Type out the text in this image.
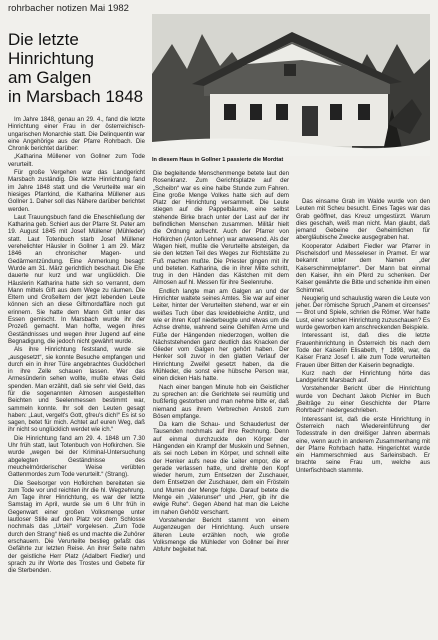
rohrbacher notizen Mai 1982
Die letzte
Hinrichtung
am Galgen
in Marsbach 1848
In diesem Haus in Gollner 1 passierte die Mordtat

Im Jahre 1848, genau an 29. 4., fand die letzte Hinrichtung einer Frau in der österreichisch-ungarischen Monarchie statt. Die Delinquentin war eine Angehörige aus der Pfarre Rohrbach. Die Chronik berichtet darüber:

„Katharina Müllener von Gollner zum Tode verurteilt.

Für große Vergehen war das Landgericht Marsbach zuständig. Die letzte Hinrichtung fand im Jahre 1848 statt und die Verurteilte war ein hiesiges Pfarrkind, die Katharina Müllener aus Gollner 1. Daher soll das Nähere darüber berichtet werden.

Laut Trauungsbuch fand die Eheschließung der Katharina geb. Schierl aus der Pfarre St. Peter am 19. August 1845 mit Josef Müllener (Mühleder) statt. Laut Totenbuch starb Josef Müllener verehelichter Häusler in Gollner 1 am 29. März 1846 an chronischer Magen- und Gedärmentzündung. Eine Anmerkung besagt: Wurde am 31. März gerichtlich beschaut. Die Ehe dauerte nur kurz und war unglücklich. Die Häuslerin Katharina hatte sich so verrannt, dem Mann mittels Gift aus dem Wege zu räumen. Die Eltern und Großeltern der jetzt lebenden Leute können sich an diese Giftmordaffäre noch gut erinnern. Sie hatte dem Mann Gift unter das Essen gemischt. In Marsbach wurde ihr der Prozeß gemacht. Man hoffte, wegen ihres Geständnisses und wegen ihrer Jugend auf eine Begnadigung, die jedoch nicht gewährt wurde.

Als ihre Hinrichtung feststand, wurde sie „ausgesetzt“, sie konnte Besuche empfangen und durch ein in ihrer Türe angebrachtes Gucklöcherl in ihre Zelle schauen lassen. Wer das Armesünderin sehen wollte, mußte etwas Geld spenden. Man erzählt, daß sie sehr viel Geld, das für die sogenannten Almosen ausgestellten Beichten und Seelenmessen bestimmt war, sammeln konnte. Ihr soll den Leuten gesagt haben: „Laut, vergelt's Gott, gfreu's dich!“ Es ist so sagen, betet für mich. Achtet auf euren Weg, daß ihr nicht so unglücklich werdet wie ich.“

Die Hinrichtung fand am 29. 4. 1848 um 7.30 Uhr früh statt, laut Totenbuch von Hofkirchen. Sie wurde „wegen bei der Kriminal-Untersuchung abgelegten Geständnisse des meuchelmörderischer Weise verübten Gattenmordes zum Tode verurteilt.“ (Strang).

Die Seelsorger von Hofkirchen bereiteten sie zum Tode vor und reichten ihr die hl. Wegzehrung. Am Tage ihrer Hinrichtung, es war der letzte Samstag im April, wurde sie um 6 Uhr früh in Gegenwart einer großen Volksmenge unter lautloser Stille auf den Platz vor dem Schlosse nochmals das „Urteil“ vorgelesen. „Zum Tode durch den Strang“ hieß es und machte die Zuhörer erschauern. Die Verurteilte bestieg gefaßt das Gefährte zur letzten Reise. An ihrer Seite nahm der geistliche Herr Platz (Adalbert Fiedler) und sprach zu ihr Worte des Trostes und Gebete für die Sterbenden.

Die begleitende Menschenmenge betete laut den Rosenkranz. Zum Gerichtsplatze auf der „Scheibn“ war es eine halbe Stunde zum Fahren. Eine große Menge Volkes hatte sich auf dem Platz der Hinrichtung versammelt. Die Leute stiegen auf die Pappelbäume, eine selbst stehende Birke brach unter der Last auf der ihr befindlichen Menschen zusammen. Militär hielt die Ordnung aufrecht. Auch der Pfarrer von Hofkirchen (Anton Lehner) war anwesend. Als der Wagen hielt, mußte die Verurteilte absteigen, da sie den letzten Teil des Weges zur Richtstätte zu Fuß machen mußte. Die Priester gingen mit ihr und beteten. Katharina, die in ihrer Mitte schritt, trug in den Händen das Kästchen mit dem Almosen auf hl. Messen für ihre Seelenruhe.

Endlich langte man am Galgen an und der Hinrichter waltete seines Amtes. Sie war auf einer Leiter, hinter der Verurteilten stehend, war er ein weißes Tuch über das kreidebleiche Antlitz, und wie er ihren Kopf niederbeugte und etwas um die Achse drehte, wahrend seine Gehilfen Arme und Füße der Hängenden niederzogen, wollten die Nächststehenden ganz deutlich das Knacken der Glieder vom Galgen her gehört haben. Der Henker soll zuvor in den glatten Verlauf der Hinrichtung Zweifel gesetzt haben, da die Mühleder, die sonst eine hübsche Person war, einen dicken Hals hatte.

Nach einer bangen Minute hob ein Geistlicher zu sprechen an: die Gerichtete sei reumütig und bußfertig gestorben und man nehme bitte er, daß niemand aus ihrem Verbrechen Anstoß zum Bösen empfange.

Da kam die Schau- und Schauderlust der Tausenden nochmals auf ihre Rechnung. Denn auf einmal durchzuckte den Körper der Hängenden ein Krampf der Muskeln und Sehnen, als sei noch Leben im Körper, und schnell eilte der Henker aufs neue die Leiter empor, die er gerade verlassen hatte, und drehte den Kopf wieder herum, zum Entsetzen der Zuschauer, dem Entsetzen der Zuschauer, dem ein Frösteln und Murren der Menge folgte. Darauf betete die Menge ein „Vaterunser“ und „Herr, gib ihr die ewige Ruhe“. Gegen Abend hat man die Leiche im nahen Gehölz verscharrt.

Vorstehender Bericht stammt von einem Augenzeugen der Hinrichtung. Auch unsere älteren Leute erzählen noch, wie große Volksmenge die Mühleder von Gollner bei ihrer Abfuhr begleitet hat.

Das einsame Grab im Walde wurde von den Leuten mit Scheu besucht. Eines Tages war das Grab geöffnet, das Kreuz umgestürzt. Warum dies geschah, weiß man nicht. Man glaubt, daß jemand Gebeine der Geheimlichen für abergläubische Zwecke ausgegraben hat.

Kooperator Adalbert Fiedler war Pfarrer in Pischelsdorf und Messeleser in Pramet. Er war bekannt unter dem Namen „der Kaiserschimmelpfarrer“. Der Mann bat einmal den Kaiser, ihn ein Pferd zu schenken. Der Kaiser gewährte die Bitte und schenkte ihm einen Schimmel.

Neugierig und schaulustig waren die Leute von jeher. Der römische Spruch „Panem et circenses“ — Brot und Spiele, schrien die Römer. Wer hatte Lust, einer solchen Hinrichtung zuzuschauen? Es wurde geworben kam anschreckenden Beispiele.

Interessant ist, daß dies die letzte Frauenhinrichtung in Österreich bis nach dem Tode der Kaiserin Elisabeth, † 1898, war, da Kaiser Franz Josef I. alle zum Tode verurteilten Frauen über Bitten der Kaiserin begnadigte.

Kurz nach der Hinrichtung hörte das Landgericht Marsbach auf.

Vorstehender Bericht über die Hinrichtung wurde von Dechant Jakob Pichler im Buch „Beiträge zu einer Geschichte der Pfarre Rohrbach“ niedergeschrieben.

Interessant ist, daß die erste Hinrichtung in Österreich nach Wiedereinführung der Todesstrafe in den dreißiger Jahren abermals eine, wenn auch in anderem Zusammenhang mit der Pfarre Rohrbach hatte. Hingerichtet wurde ein Hammerschmied aus Sarleinsbach. Er brachte seine Frau um, welche aus Unterfischbach stammte.
